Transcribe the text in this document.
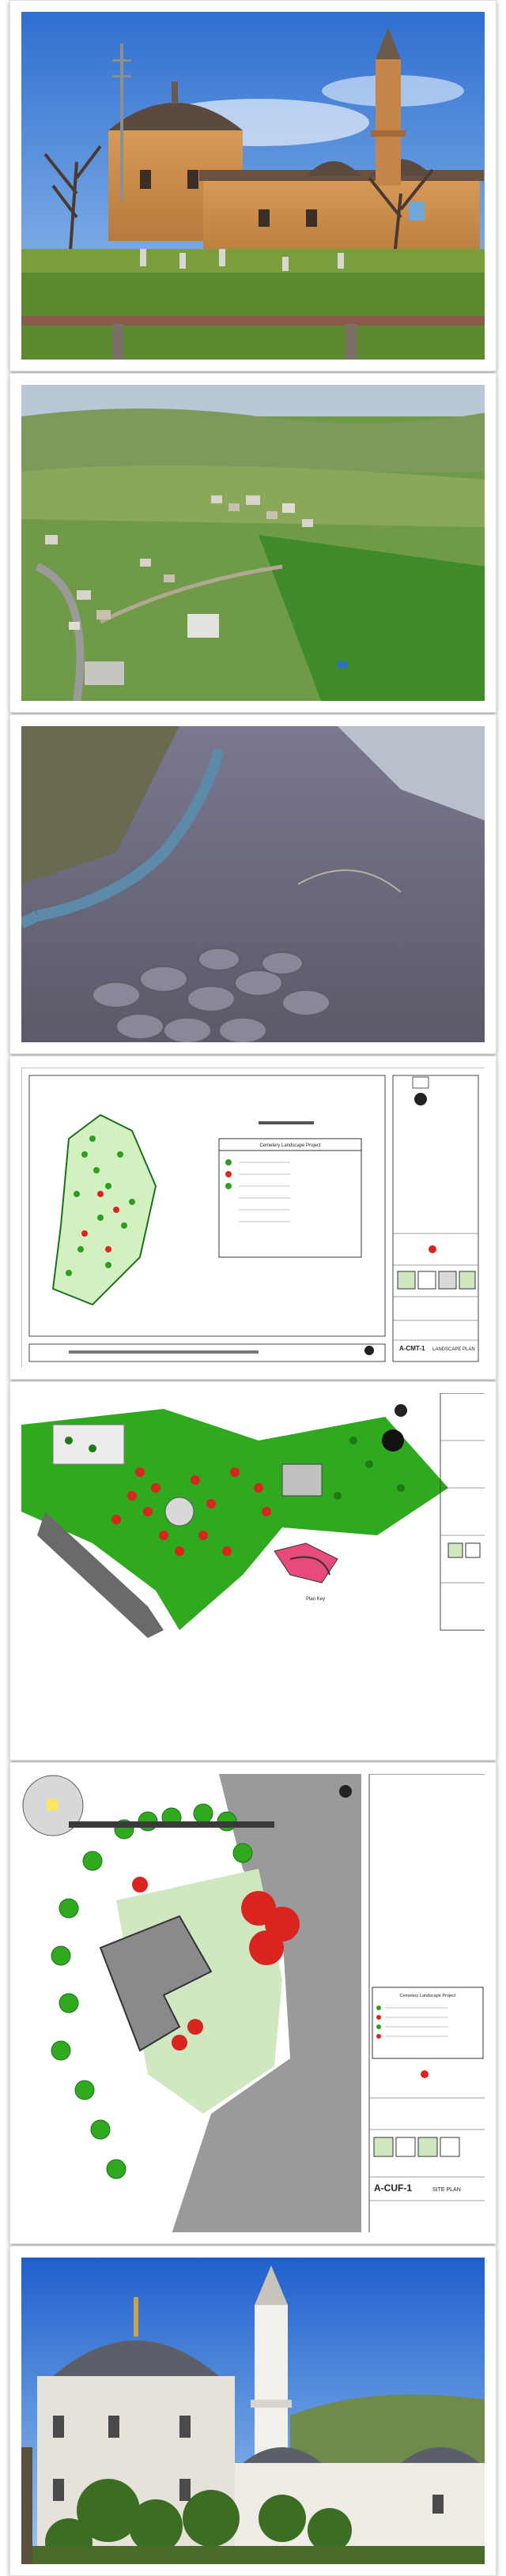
Cemetery Landscape Project
A-CMT-1 LANDSCAPE PLAN
Plan Key
Cemetery Landscape Project
A-CUF-1	SITE PLAN
